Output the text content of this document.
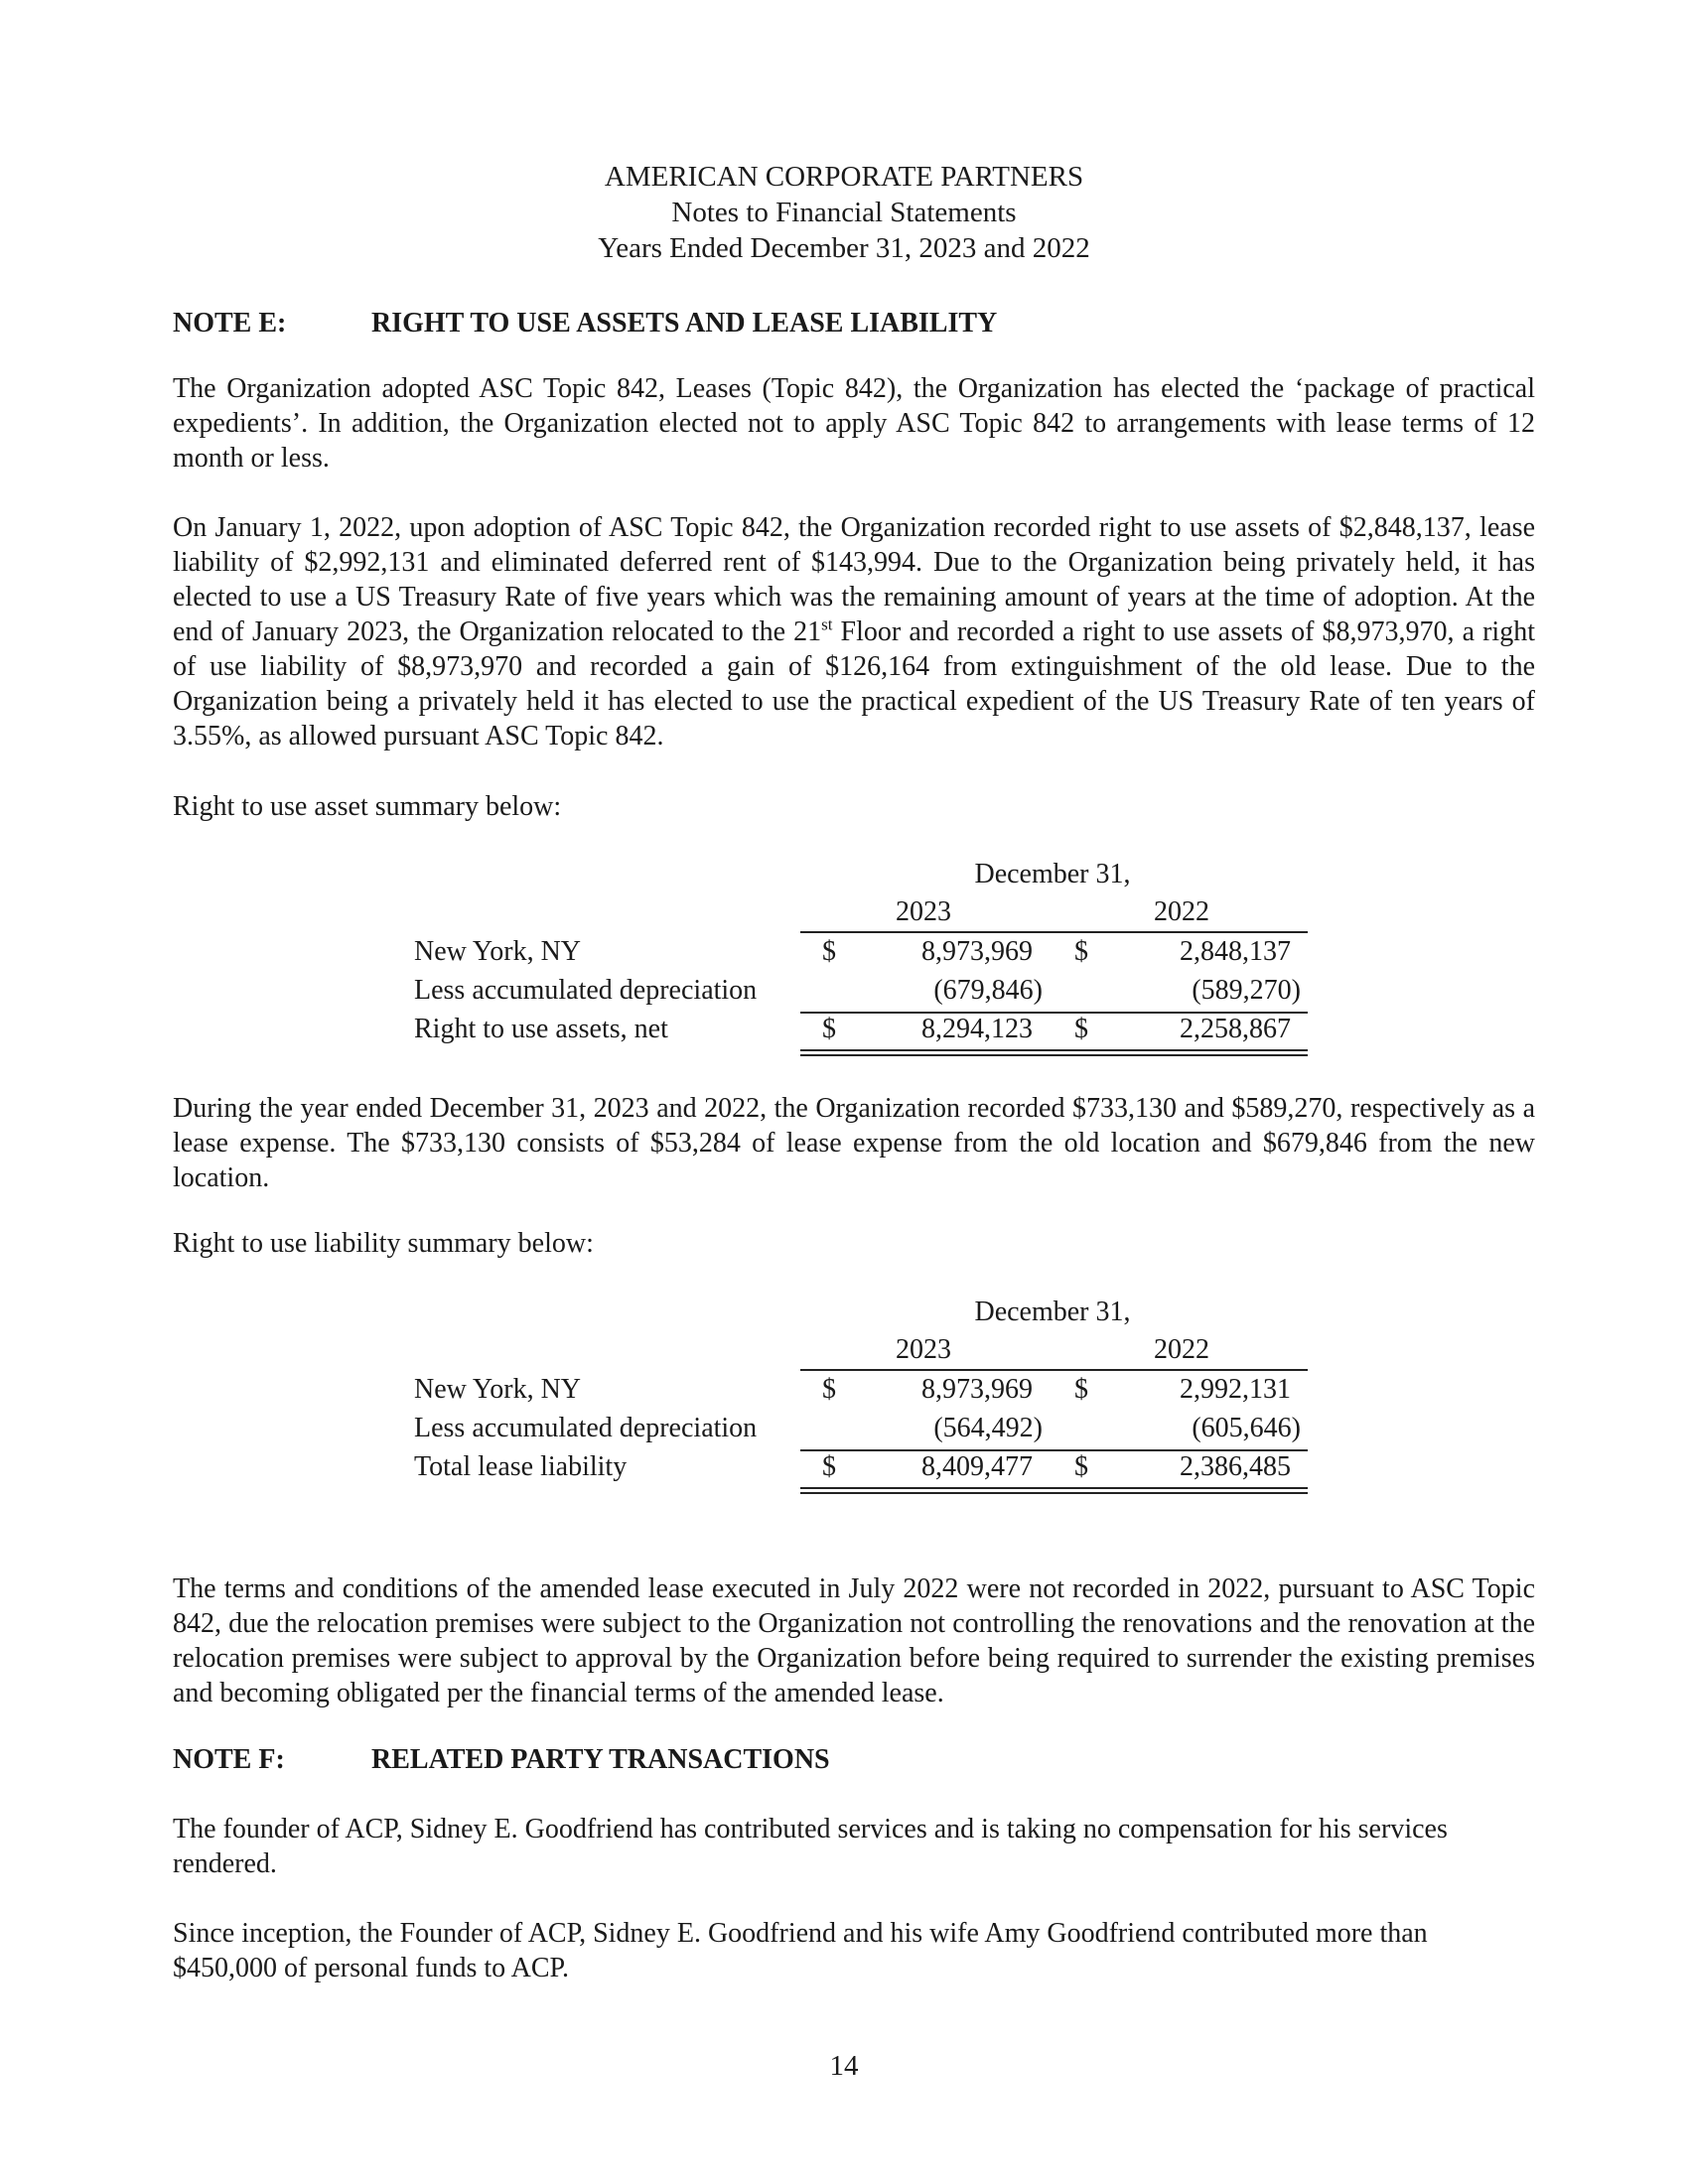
AMERICAN CORPORATE PARTNERS
Notes to Financial Statements
Years Ended December 31, 2023 and 2022
NOTE E:	RIGHT TO USE ASSETS AND LEASE LIABILITY

The Organization adopted ASC Topic 842, Leases (Topic 842), the Organization has elected the ‘package of practical expedients’. In addition, the Organization elected not to apply ASC Topic 842 to arrangements with lease terms of 12 month or less.

On January 1, 2022, upon adoption of ASC Topic 842, the Organization recorded right to use assets of $2,848,137, lease liability of $2,992,131 and eliminated deferred rent of $143,994. Due to the Organization being privately held, it has elected to use a US Treasury Rate of five years which was the remaining amount of years at the time of adoption. At the end of January 2023, the Organization relocated to the 21st Floor and recorded a right to use assets of $8,973,970, a right of use liability of $8,973,970 and recorded a gain of $126,164 from extinguishment of the old lease. Due to the Organization being a privately held it has elected to use the practical expedient of the US Treasury Rate of ten years of 3.55%, as allowed pursuant ASC Topic 842.

Right to use asset summary below:
December 31,
2023	2022
New York, NY	$	8,973,969 $	2,848,137
Less accumulated depreciation	(679,846)	(589,270)
Right to use assets, net	$	8,294,123 $	2,258,867

During the year ended December 31, 2023 and 2022, the Organization recorded $733,130 and $589,270, respectively as a lease expense. The $733,130 consists of $53,284 of lease expense from the old location and $679,846 from the new location.

Right to use liability summary below:
December 31,
2023	2022
New York, NY	$	8,973,969 $	2,992,131
Less accumulated depreciation	(564,492)	(605,646)
Total lease liability	$	8,409,477 $	2,386,485

The terms and conditions of the amended lease executed in July 2022 were not recorded in 2022, pursuant to ASC Topic 842, due the relocation premises were subject to the Organization not controlling the renovations and the renovation at the relocation premises were subject to approval by the Organization before being required to surrender the existing premises and becoming obligated per the financial terms of the amended lease.

NOTE F:	RELATED PARTY TRANSACTIONS

The founder of ACP, Sidney E. Goodfriend has contributed services and is taking no compensation for his services rendered.

Since inception, the Founder of ACP, Sidney E. Goodfriend and his wife Amy Goodfriend contributed more than $450,000 of personal funds to ACP.

14
